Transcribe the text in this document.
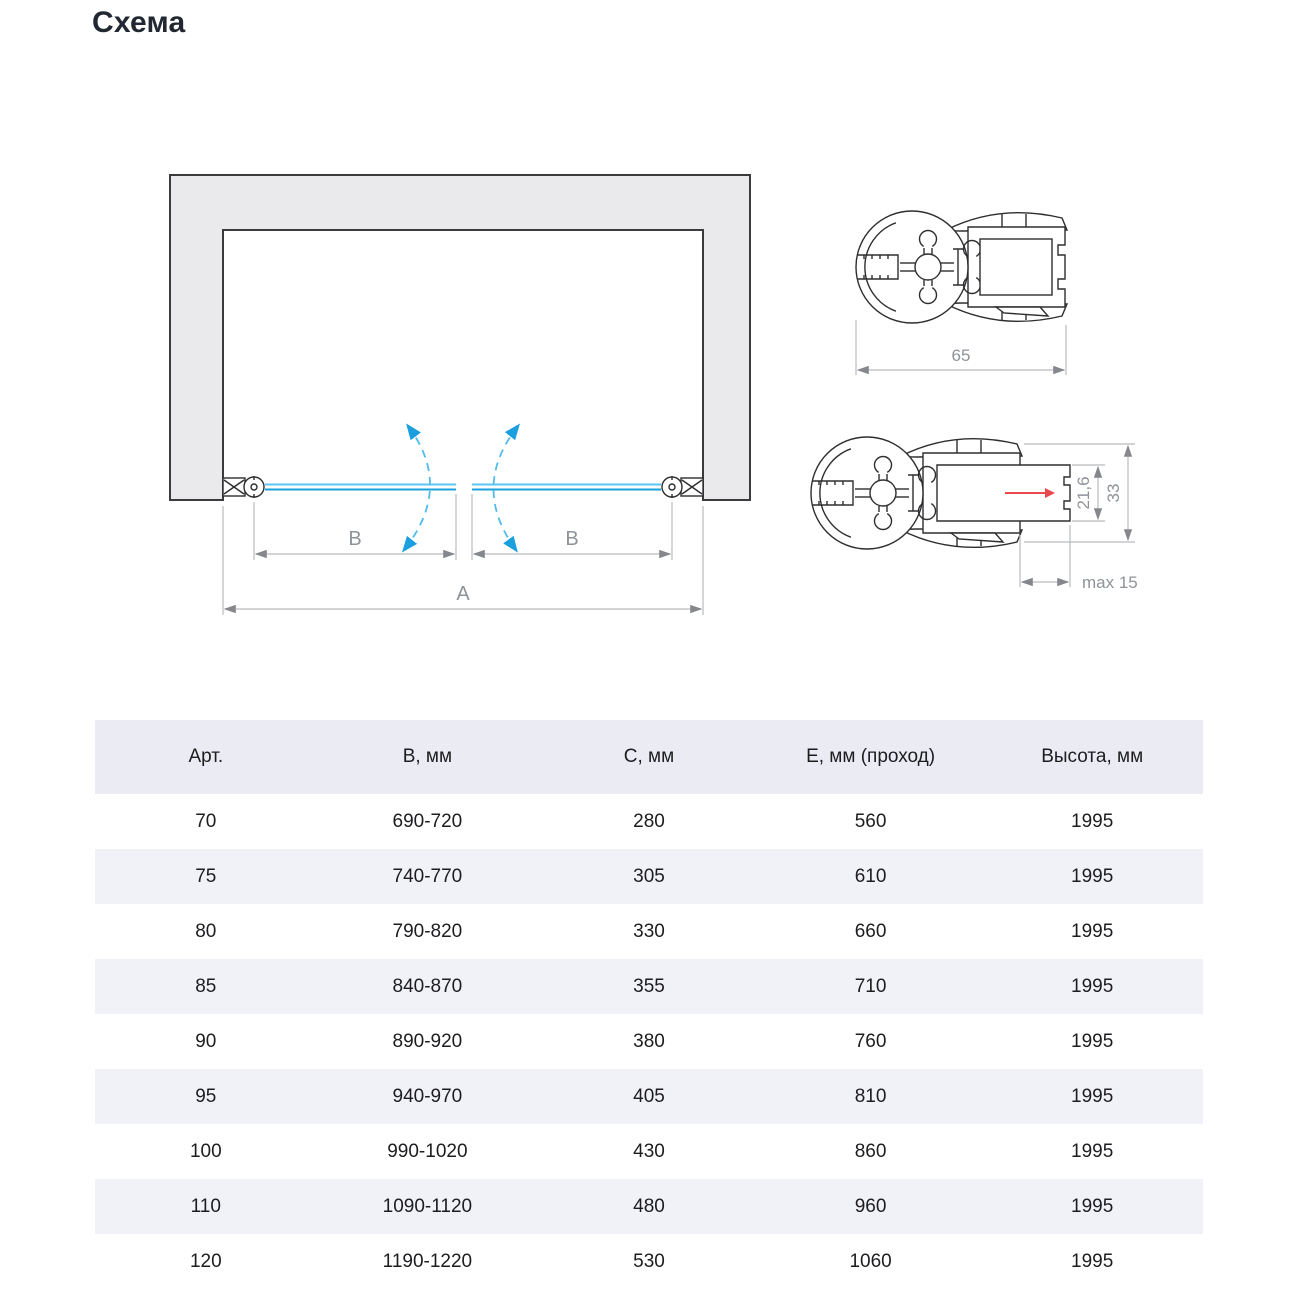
Схема
B	B
A
65
21,6 33
max 15
Арт.	В, мм	С, мм	Е, мм (проход)	Высота, мм
70	690-720	280	560	1995
75	740-770	305	610	1995
80	790-820	330	660	1995
85	840-870	355	710	1995
90	890-920	380	760	1995
95	940-970	405	810	1995
100	990-1020	430	860	1995
110	1090-1120	480	960	1995
120	1190-1220	530	1060	1995
